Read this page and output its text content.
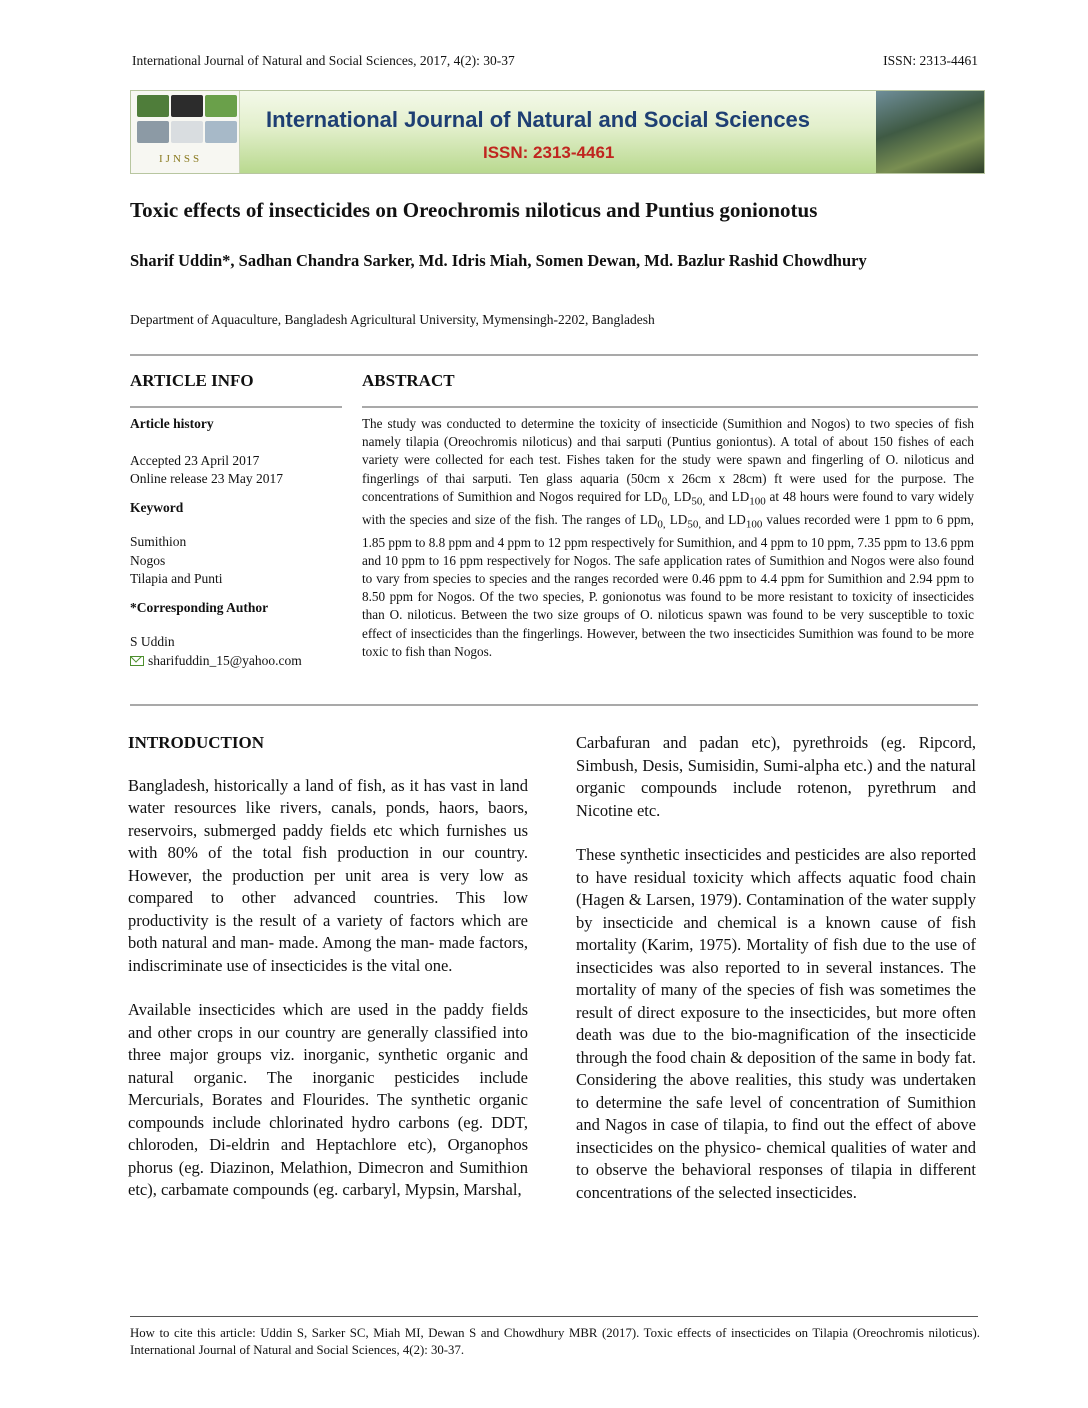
International Journal of Natural and Social Sciences, 2017, 4(2): 30-37	ISSN: 2313-4461
IJNSS
International Journal of Natural and Social Sciences
ISSN: 2313-4461
Toxic effects of insecticides on Oreochromis niloticus and Puntius gonionotus
Sharif Uddin*, Sadhan Chandra Sarker, Md. Idris Miah, Somen Dewan, Md. Bazlur Rashid Chowdhury
Department of Aquaculture, Bangladesh Agricultural University, Mymensingh-2202, Bangladesh
ARTICLE INFO
Article history
Accepted 23 April 2017
Online release 23 May 2017
Keyword
Sumithion
Nogos
Tilapia and Punti
*Corresponding Author
S Uddin
sharifuddin_15@yahoo.com
ABSTRACT

The study was conducted to determine the toxicity of insecticide (Sumithion and Nogos) to two species of fish namely tilapia (Oreochromis niloticus) and thai sarputi (Puntius goniontus). A total of about 150 fishes of each variety were collected for each test. Fishes taken for the study were spawn and fingerling of O. niloticus and fingerlings of thai sarputi. Ten glass aquaria (50cm x 26cm x 28cm) ft were used for the purpose. The concentrations of Sumithion and Nogos required for $LD_{0,}$ $LD_{50,}$ and $LD_{100}$ at 48 hours were found to vary widely with the species and size of the fish. The ranges of $LD_{0,}$ $LD_{50,}$ and $LD_{100}$ values recorded were 1 ppm to 6 ppm, 1.85 ppm to 8.8 ppm and 4 ppm to 12 ppm respectively for Sumithion, and 4 ppm to 10 ppm, 7.35 ppm to 13.6 ppm and 10 ppm to 16 ppm respectively for Nogos. The safe application rates of Sumithion and Nogos were also found to vary from species to species and the ranges recorded were 0.46 ppm to 4.4 ppm for Sumithion and 2.94 ppm to 8.50 ppm for Nogos. Of the two species, P. gonionotus was found to be more resistant to toxicity of insecticides than O. niloticus. Between the two size groups of O. niloticus spawn was found to be very susceptible to toxic effect of insecticides than the fingerlings. However, between the two insecticides Sumithion was found to be more toxic to fish than Nogos.

INTRODUCTION

Bangladesh, historically a land of fish, as it has vast in land water resources like rivers, canals, ponds, haors, baors, reservoirs, submerged paddy fields etc which furnishes us with 80% of the total fish production in our country. However, the production per unit area is very low as compared to other advanced countries. This low productivity is the result of a variety of factors which are both natural and man- made. Among the man- made factors, indiscriminate use of insecticides is the vital one.

Available insecticides which are used in the paddy fields and other crops in our country are generally classified into three major groups viz. inorganic, synthetic organic and natural organic. The inorganic pesticides include Mercurials, Borates and Flourides. The synthetic organic compounds include chlorinated hydro carbons (eg. DDT, chloroden, Di-eldrin and Heptachlore etc), Organophos phorus (eg. Diazinon, Melathion, Dimecron and Sumithion etc), carbamate compounds (eg. carbaryl, Mypsin, Marshal,

Carbafuran and padan etc), pyrethroids (eg. Ripcord, Simbush, Desis, Sumisidin, Sumi-alpha etc.) and the natural organic compounds include rotenon, pyrethrum and Nicotine etc.

These synthetic insecticides and pesticides are also reported to have residual toxicity which affects aquatic food chain (Hagen & Larsen, 1979). Contamination of the water supply by insecticide and chemical is a known cause of fish mortality (Karim, 1975). Mortality of fish due to the use of insecticides was also reported to in several instances. The mortality of many of the species of fish was sometimes the result of direct exposure to the insecticides, but more often death was due to the bio-magnification of the insecticide through the food chain & deposition of the same in body fat. Considering the above realities, this study was undertaken to determine the safe level of concentration of Sumithion and Nagos in case of tilapia, to find out the effect of above insecticides on the physico- chemical qualities of water and to observe the behavioral responses of tilapia in different concentrations of the selected insecticides.

How to cite this article: Uddin S, Sarker SC, Miah MI, Dewan S and Chowdhury MBR (2017). Toxic effects of insecticides on Tilapia (Oreochromis niloticus). International Journal of Natural and Social Sciences, 4(2): 30-37.
